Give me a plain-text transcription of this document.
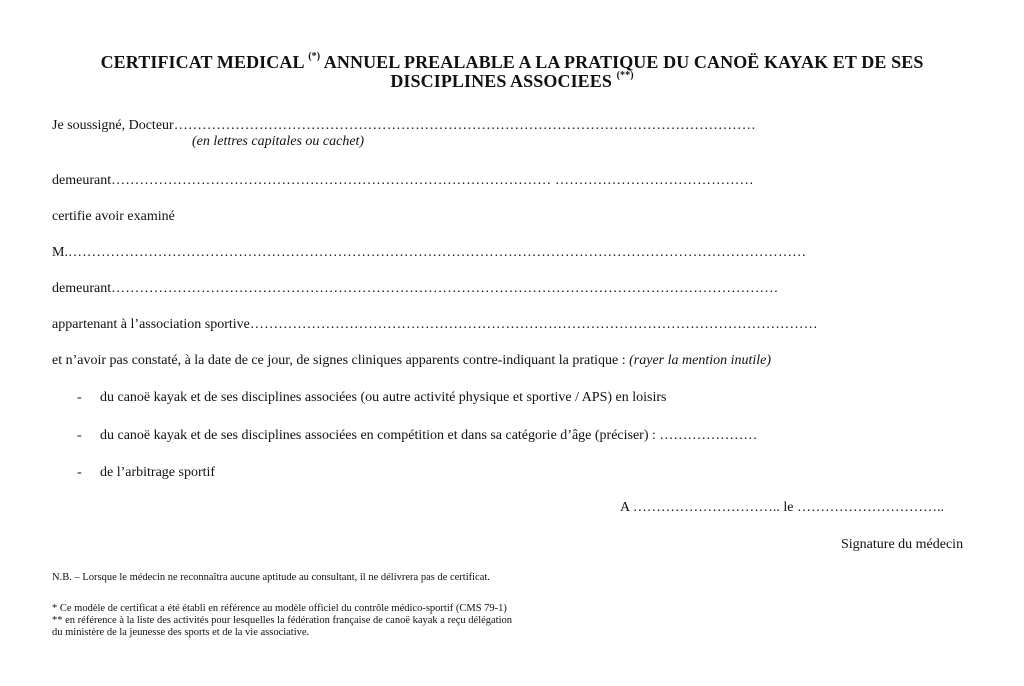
CERTIFICAT MEDICAL (*) ANNUEL PREALABLE A LA PRATIQUE DU CANOË KAYAK ET DE SES
DISCIPLINES ASSOCIEES (**)
Je soussigné, Docteur……………………………………………………………………………………………………………
(en lettres capitales ou cachet)
demeurant………………………………………………………………………………… ……………………………………
certifie avoir examiné
M.…………………………………………………………………………………………………………………………………………
demeurant……………………………………………………………………………………………………………………………
appartenant à l’association sportive…………………………………………………………………………………………………………
et n’avoir pas constaté, à la date de ce jour, de signes cliniques apparents contre-indiquant la pratique : (rayer la mention inutile)
- du canoë kayak et de ses disciplines associées (ou autre activité physique et sportive / APS) en loisirs
- du canoë kayak et de ses disciplines associées en compétition et dans sa catégorie d’âge (préciser) : …………………
- de l’arbitrage sportif
A ………………………….. le …………………………..
Signature du médecin
N.B. – Lorsque le médecin ne reconnaîtra aucune aptitude au consultant, il ne délivrera pas de certificat.
* Ce modèle de certificat a été établi en référence au modèle officiel du contrôle médico-sportif (CMS 79-1)
** en référence à la liste des activités pour lesquelles la fédération française de canoë kayak a reçu délégation
du ministère de la jeunesse des sports et de la vie associative.
